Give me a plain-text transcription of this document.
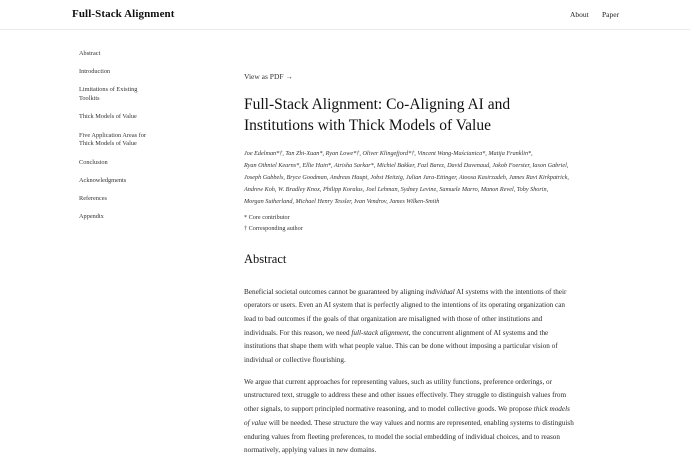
Full-Stack Alignment	About Paper
Abstract
Introduction
Limitations of Existing Toolkits
Thick Models of Value
Five Application Areas for Thick Models of Value
Conclusion
Acknowledgments
References
Appendix
View as PDF →
Full-Stack Alignment: Co-Aligning AI and Institutions with Thick Models of Value
Joe Edelman*†, Tan Zhi-Xuan*, Ryan Lowe*†, Oliver Klingefjord*†, Vincent Wang-Maścianica*, Matija Franklin*, Ryan Othniel Kearns*, Ellie Hain*, Atrisha Sarkar*, Michiel Bakker, Fazl Barez, David Duvenaud, Jakob Foerster, Iason Gabriel, Joseph Gubbels, Bryce Goodman, Andreas Haupt, Jobst Heitzig, Julian Jara-Ettinger, Atoosa Kasirzadeh, James Ravi Kirkpatrick, Andrew Koh, W. Bradley Knox, Philipp Koralus, Joel Lehman, Sydney Levine, Samuele Marro, Manon Revel, Toby Shorin, Morgan Sutherland, Michael Henry Tessler, Ivan Vendrov, James Wilken-Smith
* Core contributor
† Corresponding author
Abstract

Beneficial societal outcomes cannot be guaranteed by aligning individual AI systems with the intentions of their operators or users. Even an AI system that is perfectly aligned to the intentions of its operating organization can lead to bad outcomes if the goals of that organization are misaligned with those of other institutions and individuals. For this reason, we need full-stack alignment, the concurrent alignment of AI systems and the institutions that shape them with what people value. This can be done without imposing a particular vision of individual or collective flourishing.

We argue that current approaches for representing values, such as utility functions, preference orderings, or unstructured text, struggle to address these and other issues effectively. They struggle to distinguish values from other signals, to support principled normative reasoning, and to model collective goods. We propose thick models of value will be needed. These structure the way values and norms are represented, enabling systems to distinguish enduring values from fleeting preferences, to model the social embedding of individual choices, and to reason normatively, applying values in new domains.
